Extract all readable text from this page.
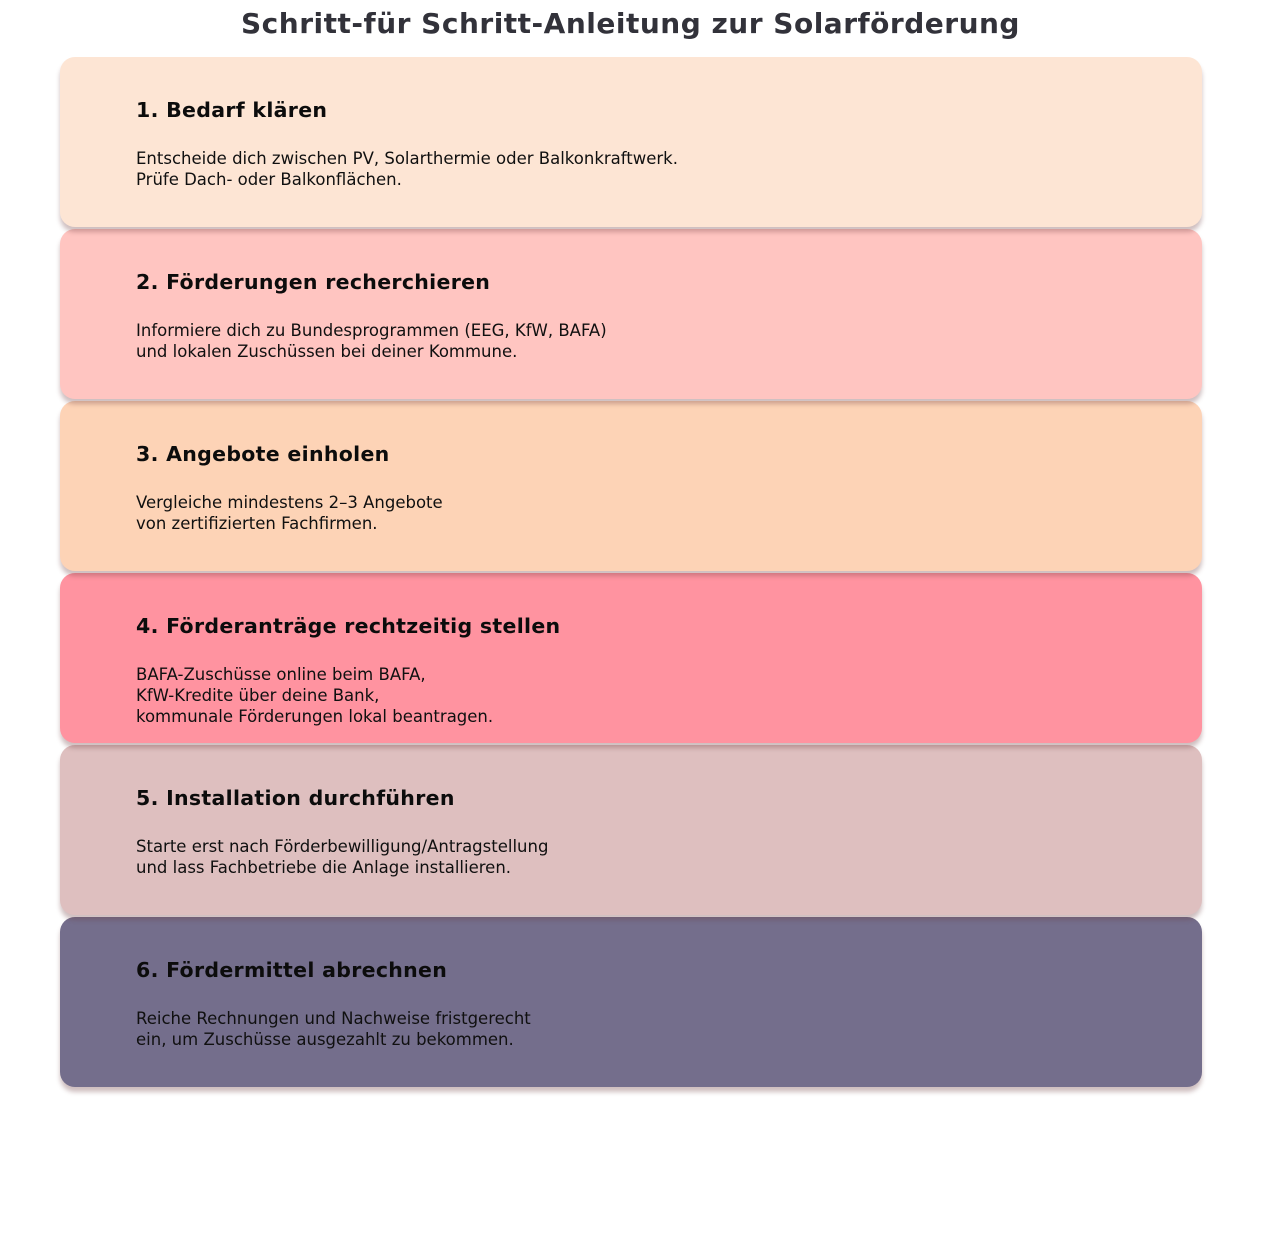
Schritt-für Schritt-Anleitung zur Solarförderung
1. Bedarf klären

Entscheide dich zwischen PV, Solarthermie oder Balkonkraftwerk.
Prüfe Dach- oder Balkonflächen.

2. Förderungen recherchieren

Informiere dich zu Bundesprogrammen (EEG, KfW, BAFA)
und lokalen Zuschüssen bei deiner Kommune.

3. Angebote einholen

Vergleiche mindestens 2–3 Angebote
von zertifizierten Fachfirmen.

4. Förderanträge rechtzeitig stellen

BAFA-Zuschüsse online beim BAFA,
KfW-Kredite über deine Bank,
kommunale Förderungen lokal beantragen.

5. Installation durchführen

Starte erst nach Förderbewilligung/Antragstellung
und lass Fachbetriebe die Anlage installieren.

6. Fördermittel abrechnen

Reiche Rechnungen und Nachweise fristgerecht
ein, um Zuschüsse ausgezahlt zu bekommen.
